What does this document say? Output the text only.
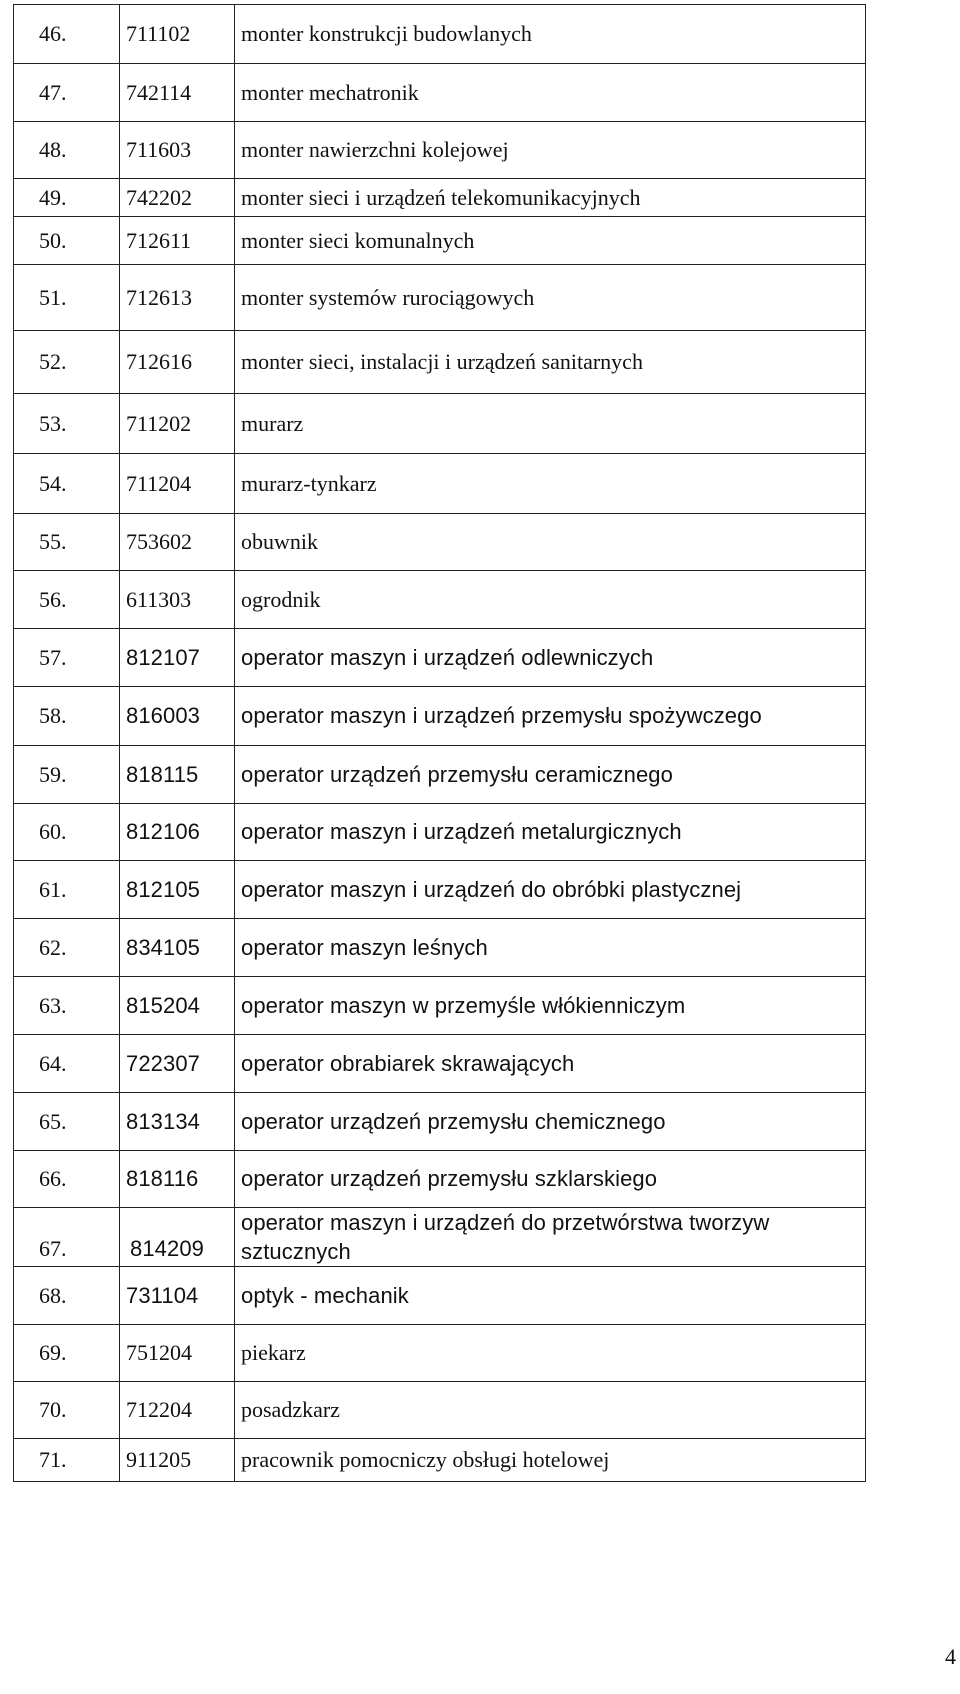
46.	711102	monter konstrukcji budowlanych
47.	742114	monter mechatronik
48.	711603	monter nawierzchni kolejowej
49.	742202	monter sieci i urządzeń telekomunikacyjnych
50.	712611	monter sieci komunalnych
51.	712613	monter systemów rurociągowych
52.	712616	monter sieci, instalacji i urządzeń sanitarnych
53.	711202	murarz
54.	711204	murarz-tynkarz
55.	753602	obuwnik
56.	611303	ogrodnik
57.	812107	operator maszyn i urządzeń odlewniczych
58.	816003	operator maszyn i urządzeń przemysłu spożywczego
59.	818115	operator urządzeń przemysłu ceramicznego
60.	812106	operator maszyn i urządzeń metalurgicznych
61.	812105	operator maszyn i urządzeń do obróbki plastycznej
62.	834105	operator maszyn leśnych
63.	815204	operator maszyn w przemyśle włókienniczym
64.	722307	operator obrabiarek skrawających
65.	813134	operator urządzeń przemysłu chemicznego
66.	818116	operator urządzeń przemysłu szklarskiego
67.	814209	operator maszyn i urządzeń do przetwórstwa tworzyw sztucznych
68.	731104	optyk - mechanik
69.	751204	piekarz
70.	712204	posadzkarz
71.	911205	pracownik pomocniczy obsługi hotelowej
4
